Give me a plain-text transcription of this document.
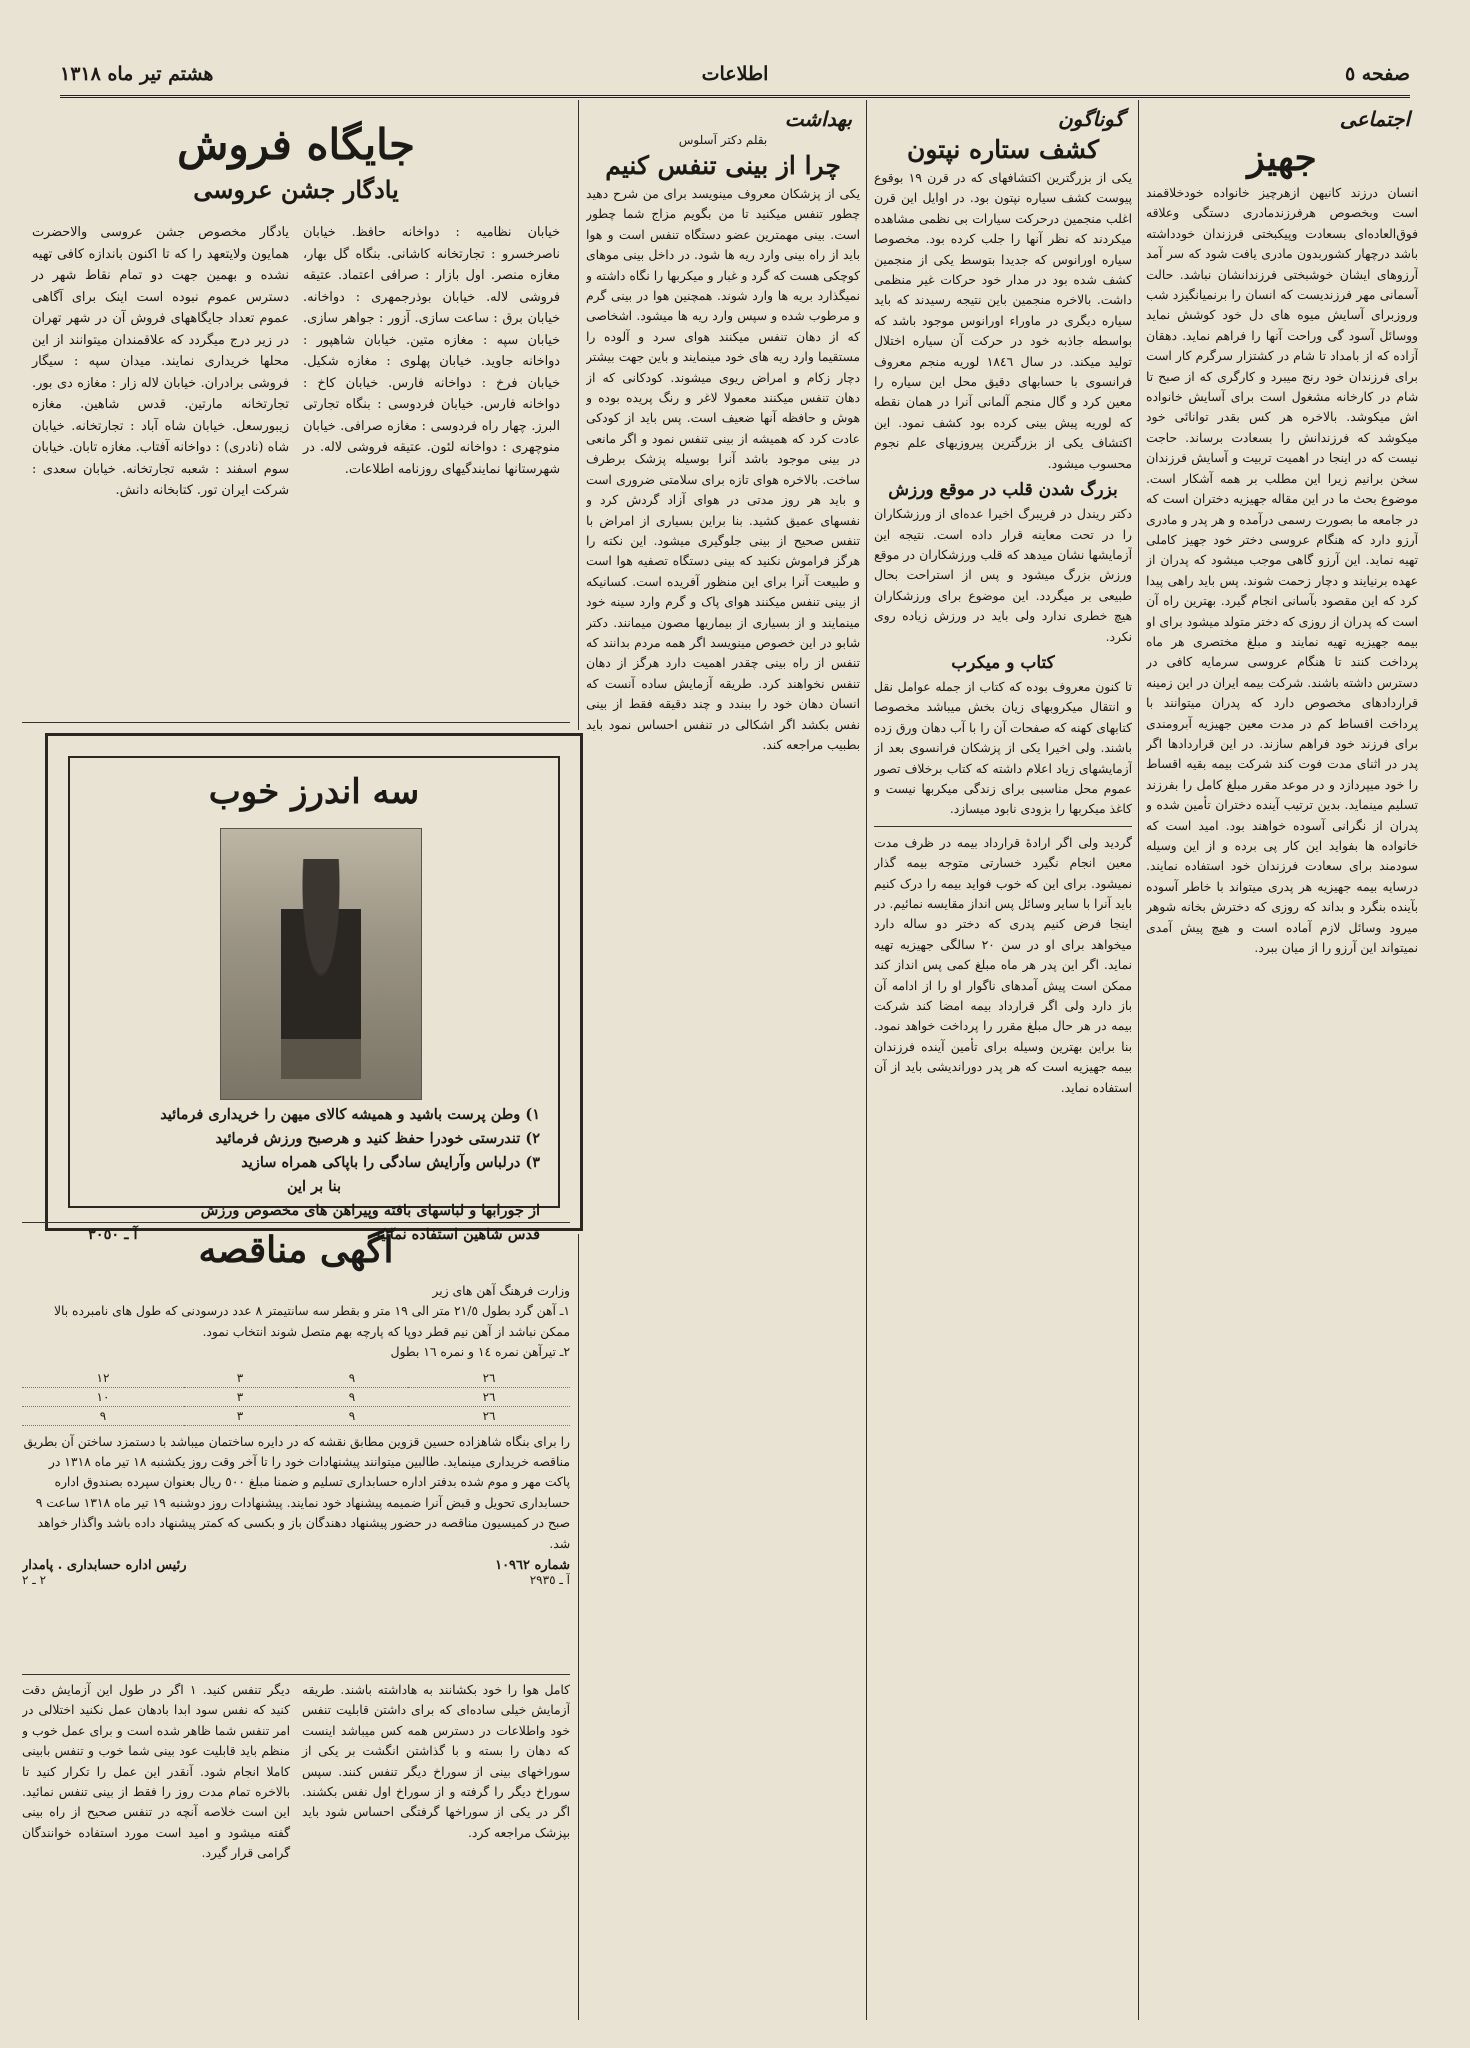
صفحه ٥
اطلاعات
هشتم تیر ماه ۱۳۱۸
اجتماعی
جهیز

انسان درزند کانیهن ازهرچیز خانواده خودخلاقمند است وبخصوص هرفرزندمادری دستگی وعلاقه فوق‌العاده‌ای بسعادت وپیکبختی فرزندان خودداشته باشد درچهار کشوربدون مادری یافت شود که سر آمد آرزوهای ایشان خوشبختی فرزندانشان نباشد. حالت آسمانی مهر فرزندیست که انسان را برنمیانگیزد شب وروزبرای آسایش میوه های دل خود کوشش نماید ووسائل آسود گی وراحت آنها را فراهم نماید. دهقان آزاده که از بامداد تا شام در کشتزار سرگرم کار است برای فرزندان خود رنج میبرد و کارگری که از صبح تا شام در کارخانه مشغول است برای آسایش خانواده اش میکوشد. بالاخره هر کس بقدر توانائی خود میکوشد که فرزندانش را بسعادت برساند. حاجت نیست که در اینجا در اهمیت تربیت و آسایش فرزندان سخن برانیم زیرا این مطلب بر همه آشکار است. موضوع بحث ما در این مقاله جهیزیه دختران است که در جامعه ما بصورت رسمی درآمده و هر پدر و مادری آرزو دارد که هنگام عروسی دختر خود جهیز کاملی تهیه نماید. این آرزو گاهی موجب میشود که پدران از عهده برنیایند و دچار زحمت شوند. پس باید راهی پیدا کرد که این مقصود بآسانی انجام گیرد. بهترین راه آن است که پدران از روزی که دختر متولد میشود برای او بیمه جهیزیه تهیه نمایند و مبلغ مختصری هر ماه پرداخت کنند تا هنگام عروسی سرمایه کافی در دسترس داشته باشند. شرکت بیمه ایران در این زمینه قراردادهای مخصوص دارد که پدران میتوانند با پرداخت اقساط کم در مدت معین جهیزیه آبرومندی برای فرزند خود فراهم سازند. در این قراردادها اگر پدر در اثنای مدت فوت کند شرکت بیمه بقیه اقساط را خود میپردازد و در موعد مقرر مبلغ کامل را بفرزند تسلیم مینماید. بدین ترتیب آینده دختران تأمین شده و پدران از نگرانی آسوده خواهند بود. امید است که خانواده ها بفواید این کار پی برده و از این وسیله سودمند برای سعادت فرزندان خود استفاده نمایند. درسایه بیمه جهیزیه هر پدری میتواند با خاطر آسوده بآینده بنگرد و بداند که روزی که دخترش بخانه شوهر میرود وسائل لازم آماده است و هیچ پیش آمدی نمیتواند این آرزو را از میان ببرد.

گوناگون
کشف ستاره نپتون

یکی از بزرگترین اکتشافهای که در قرن ۱۹ بوقوع پیوست کشف سیاره نپتون بود. در اوایل این قرن اغلب منجمین درحرکت سیارات بی نظمی مشاهده میکردند که نظر آنها را جلب کرده بود. مخصوصا سیاره اورانوس که جدیدا بتوسط یکی از منجمین کشف شده بود در مدار خود حرکات غیر منظمی داشت. بالاخره منجمین باین نتیجه رسیدند که باید سیاره دیگری در ماوراء اورانوس موجود باشد که بواسطه جاذبه خود در حرکت آن سیاره اختلال تولید میکند. در سال ۱۸٤٦ لوریه منجم معروف فرانسوی با حسابهای دقیق محل این سیاره را معین کرد و گال منجم آلمانی آنرا در همان نقطه که لوریه پیش بینی کرده بود کشف نمود. این اکتشاف یکی از بزرگترین پیروزیهای علم نجوم محسوب میشود.

بزرگ شدن قلب در موقع ورزش

دکتر ریندل در فریبرگ اخیرا عده‌ای از ورزشکاران را در تحت معاینه قرار داده است. نتیجه این آزمایشها نشان میدهد که قلب ورزشکاران در موقع ورزش بزرگ میشود و پس از استراحت بحال طبیعی بر میگردد. این موضوع برای ورزشکاران هیچ خطری ندارد ولی باید در ورزش زیاده روی نکرد.

کتاب و میکرب

تا کنون معروف بوده که کتاب از جمله عوامل نقل و انتقال میکروبهای زیان بخش میباشد مخصوصا کتابهای کهنه که صفحات آن را با آب دهان ورق زده باشند. ولی اخیرا یکی از پزشکان فرانسوی بعد از آزمایشهای زیاد اعلام داشته که کتاب برخلاف تصور عموم محل مناسبی برای زندگی میکربها نیست و کاغذ میکربها را بزودی نابود میسازد.

گردید ولی اگر ارادهٔ قرارداد بیمه در ظرف مدت معین انجام نگیرد خسارتی متوجه بیمه گذار نمیشود. برای این که خوب فواید بیمه را درک کنیم باید آنرا با سایر وسائل پس انداز مقایسه نمائیم. در اینجا فرض کنیم پدری که دختر دو ساله دارد میخواهد برای او در سن ۲٠ سالگی جهیزیه تهیه نماید. اگر این پدر هر ماه مبلغ کمی پس انداز کند ممکن است پیش آمدهای ناگوار او را از ادامه آن باز دارد ولی اگر قرارداد بیمه امضا کند شرکت بیمه در هر حال مبلغ مقرر را پرداخت خواهد نمود. بنا براین بهترین وسیله برای تأمین آینده فرزندان بیمه جهیزیه است که هر پدر دوراندیشی باید از آن استفاده نماید.

بهداشت
بقلم دکتر آسلوس
چرا از بینی تنفس کنیم

یکی از پزشکان معروف مینویسد برای من شرح دهید چطور تنفس میکنید تا من بگویم مزاج شما چطور است. بینی مهمترین عضو دستگاه تنفس است و هوا باید از راه بینی وارد ریه ها شود. در داخل بینی موهای کوچکی هست که گرد و غبار و میکربها را نگاه داشته و نمیگذارد بریه ها وارد شوند. همچنین هوا در بینی گرم و مرطوب شده و سپس وارد ریه ها میشود. اشخاصی که از دهان تنفس میکنند هوای سرد و آلوده را مستقیما وارد ریه های خود مینمایند و باین جهت بیشتر دچار زکام و امراض ریوی میشوند. کودکانی که از دهان تنفس میکنند معمولا لاغر و رنگ پریده بوده و هوش و حافظه آنها ضعیف است. پس باید از کودکی عادت کرد که همیشه از بینی تنفس نمود و اگر مانعی در بینی موجود باشد آنرا بوسیله پزشک برطرف ساخت. بالاخره هوای تازه برای سلامتی ضروری است و باید هر روز مدتی در هوای آزاد گردش کرد و نفسهای عمیق کشید. بنا براین بسیاری از امراض با تنفس صحیح از بینی جلوگیری میشود. این نکته را هرگز فراموش نکنید که بینی دستگاه تصفیه هوا است و طبیعت آنرا برای این منظور آفریده است. کسانیکه از بینی تنفس میکنند هوای پاک و گرم وارد سینه خود مینمایند و از بسیاری از بیماریها مصون میمانند. دکتر شابو در این خصوص مینویسد اگر همه مردم بدانند که تنفس از راه بینی چقدر اهمیت دارد هرگز از دهان تنفس نخواهند کرد. طریقه آزمایش ساده آنست که انسان دهان خود را ببندد و چند دقیقه فقط از بینی نفس بکشد اگر اشکالی در تنفس احساس نمود باید بطبیب مراجعه کند.

جایگاه فروش
یادگار جشن عروسی
خیابان نظامیه : دواخانه حافظ. خیابان ناصرخسرو : تجارتخانه کاشانی. بنگاه گل بهار، مغازه منصر. اول بازار : صرافی اعتماد. عتیقه فروشی لاله. خیابان بوذرجمهری : دواخانه. خیابان برق : ساعت سازی. آزور : جواهر سازی. خیابان سپه : مغازه متین. خیابان شاهپور : دواخانه جاوید. خیابان پهلوی : مغازه شکیل. خیابان فرخ : دواخانه فارس. خیابان کاخ : دواخانه فارس. خیابان فردوسی : بنگاه تجارتی البرز. چهار راه فردوسی : مغازه صرافی. خیابان منوچهری : دواخانه لئون. عتیقه فروشی لاله. در شهرستانها نمایندگیهای روزنامه اطلاعات.
یادگار مخصوص جشن عروسی والاحضرت همایون ولایتعهد را که تا اکنون باندازه کافی تهیه نشده و بهمین جهت دو تمام نقاط شهر در دسترس عموم نبوده است اینک برای آگاهی عموم تعداد جایگاههای فروش آن در شهر تهران در زیر درج میگردد که علاقمندان میتوانند از این محلها خریداری نمایند. میدان سپه : سیگار فروشی برادران. خیابان لاله زار : مغازه دی بور. تجارتخانه مارتین. قدس شاهین. مغازه زیبورسعل. خیابان شاه آباد : تجارتخانه. خیابان شاه (نادری) : دواخانه آفتاب. مغازه تابان. خیابان سوم اسفند : شعبه تجارتخانه. خیابان سعدی : شرکت ایران تور. کتابخانه دانش.
سه اندرز خوب

۱) وطن پرست باشید و همیشه کالای میهن را خریداری فرمائید

۲) تندرستی خودرا حفظ کنید و هرصبح ورزش فرمائید

۳) درلباس وآرایش سادگی را باپاکی همراه سازید

بنا بر این

از جورابها و لباسهای بافته وپیراهن های مخصوص ورزش

قدس شاهین استفاده نمائید
آ ـ ۳٠٥٠	آگهی مناقصه

وزارت فرهنگ آهن های زیر

۱ـ آهن گرد بطول ۲۱/٥ متر الی ۱۹ متر و بقطر سه سانتیمتر ۸ عدد درسودنی که طول های نامبرده بالا ممکن نباشد از آهن نیم قطر دوپا که پارچه بهم متصل شوند انتخاب نمود.

۲ـ تیرآهن نمره ۱٤ و نمره ۱٦ بطول

۲٦	۹	۳	۱۲
۲٦	۹	۳	۱٠
۲٦	۹	۳	۹

را برای بنگاه شاهزاده حسین قزوین مطابق نقشه که در دایره ساختمان میباشد با دستمزد ساختن آن بطریق مناقصه خریداری مینماید. طالبین میتوانند پیشنهادات خود را تا آخر وقت روز یکشنبه ۱۸ تیر ماه ۱۳۱۸ در پاکت مهر و موم شده بدفتر اداره حسابداری تسلیم و ضمنا مبلغ ٥٠٠ ریال بعنوان سپرده بصندوق اداره حسابداری تحویل و قبض آنرا ضمیمه پیشنهاد خود نمایند. پیشنهادات روز دوشنبه ۱۹ تیر ماه ۱۳۱۸ ساعت ۹ صبح در کمیسیون مناقصه در حضور پیشنهاد دهندگان باز و بکسی که کمتر پیشنهاد داده باشد واگذار خواهد شد.

شماره ۱٠۹٦۲
رئیس اداره حسابداری . پامدار
آ ـ ۲۹۳٥
۲ ـ ۲
کامل هوا را خود بکشانند به هاداشته باشند. طریقه آزمایش خیلی ساده‌ای که برای داشتن قابلیت تنفس خود واطلاعات در دسترس همه کس میباشد اینست که دهان را بسته و با گذاشتن انگشت بر یکی از سوراخهای بینی از سوراخ دیگر تنفس کنند. سپس سوراخ دیگر را گرفته و از سوراخ اول نفس بکشند. اگر در یکی از سوراخها گرفتگی احساس شود باید بپزشک مراجعه کرد.
دیگر تنفس کنید. ۱ اگر در طول این آزمایش دقت کنید که نفس سود ابدا بادهان عمل نکنید اختلالی در امر تنفس شما ظاهر شده است و برای عمل خوب و منظم باید قابلیت عود بینی شما خوب و تنفس بابینی کاملا انجام شود. آنقدر این عمل را تکرار کنید تا بالاخره تمام مدت روز را فقط از بینی تنفس نمائید. این است خلاصه آنچه در تنفس صحیح از راه بینی گفته میشود و امید است مورد استفاده خوانندگان گرامی قرار گیرد.
